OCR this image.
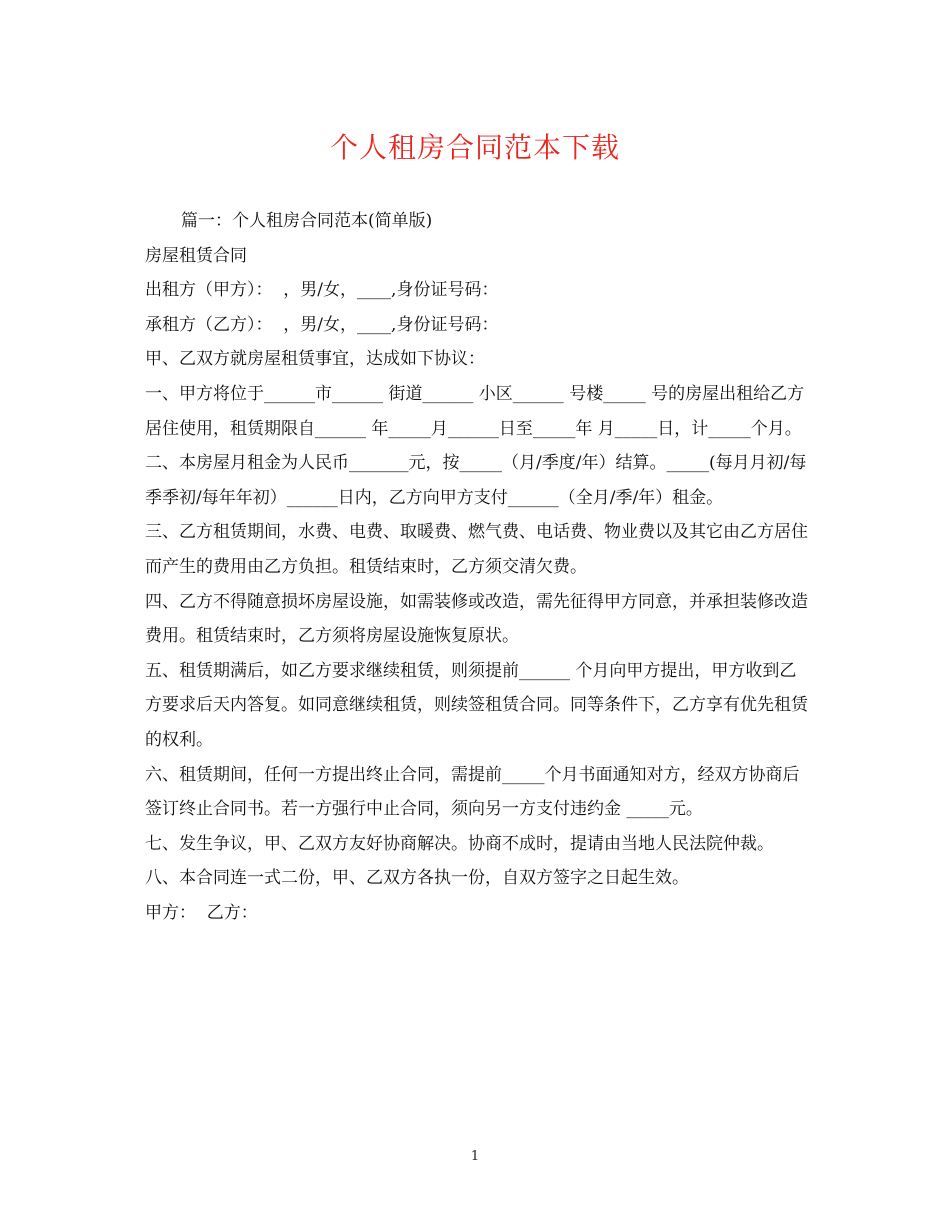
个人租房合同范本下载

篇一：个人租房合同范本(简单版)

房屋租赁合同

出租方（甲方）：  ，男/女，____,身份证号码：

承租方（乙方）：  ，男/女，____,身份证号码：

甲、乙双方就房屋租赁事宜，达成如下协议：

一、甲方将位于______市______ 街道______ 小区______ 号楼_____ 号的房屋出租给乙方居住使用，租赁期限自______ 年_____月______日至_____年 月_____日，计_____个月。

二、本房屋月租金为人民币_______元，按_____（月/季度/年）结算。_____(每月月初/每季季初/每年年初）______日内，乙方向甲方支付______（全月/季/年）租金。

三、乙方租赁期间，水费、电费、取暖费、燃气费、电话费、物业费以及其它由乙方居住而产生的费用由乙方负担。租赁结束时，乙方须交清欠费。

四、乙方不得随意损坏房屋设施，如需装修或改造，需先征得甲方同意，并承担装修改造费用。租赁结束时，乙方须将房屋设施恢复原状。

五、租赁期满后，如乙方要求继续租赁，则须提前______ 个月向甲方提出，甲方收到乙方要求后天内答复。如同意继续租赁，则续签租赁合同。同等条件下，乙方享有优先租赁的权利。

六、租赁期间，任何一方提出终止合同，需提前_____个月书面通知对方，经双方协商后签订终止合同书。若一方强行中止合同，须向另一方支付违约金 _____元。

七、发生争议，甲、乙双方友好协商解决。协商不成时，提请由当地人民法院仲裁。

八、本合同连一式二份，甲、乙双方各执一份，自双方签字之日起生效。

甲方：  乙方：

1
